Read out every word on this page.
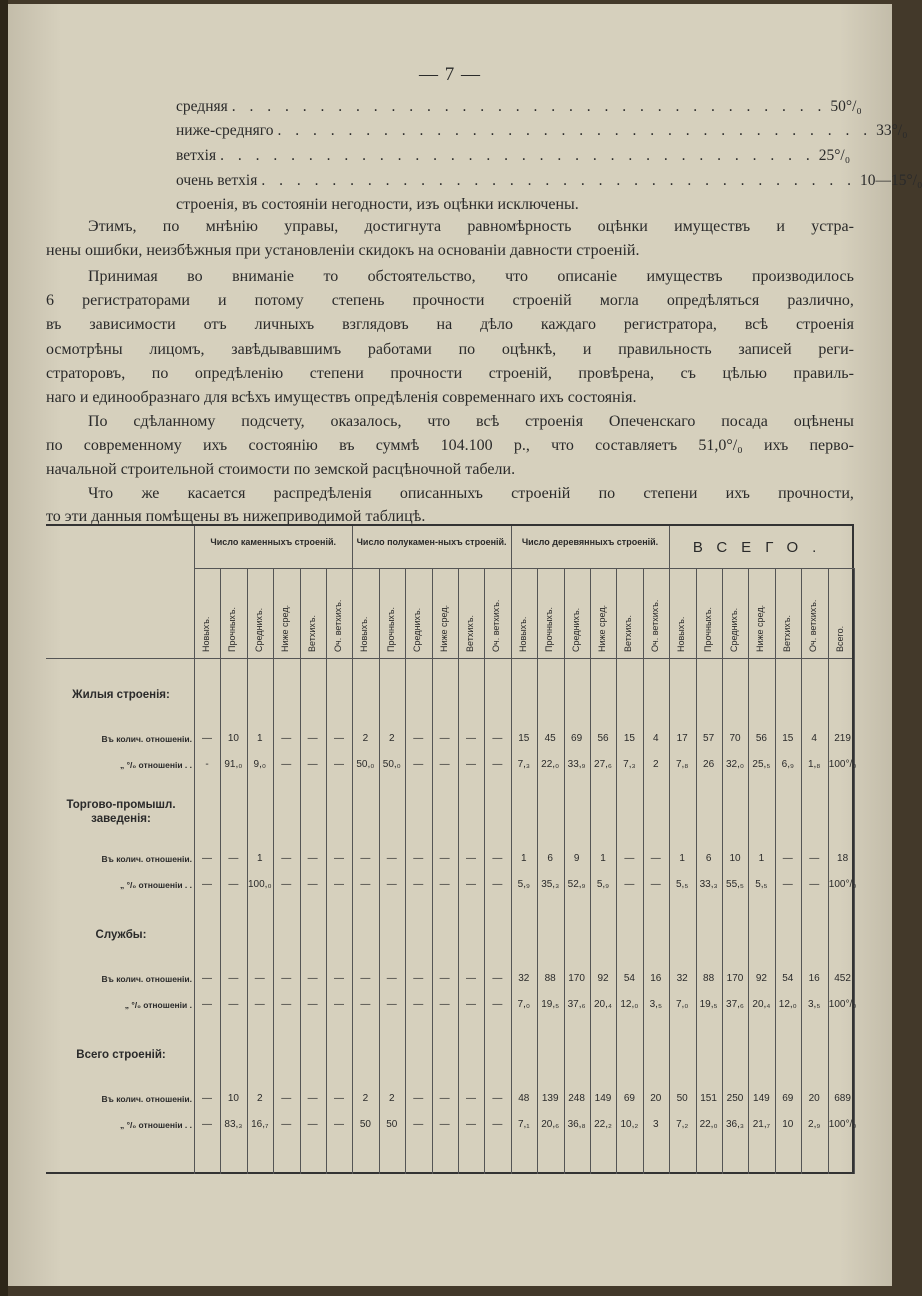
— 7 —
средняя . . . . . . . . . . . . . . . . . . . . . . . . . . . . . . . . . . 50°/₀
ниже-средняго . . . . . . . . . . . . . . . . . . . . . . . . . . . . . . . . . . 33°/₀
ветхія . . . . . . . . . . . . . . . . . . . . . . . . . . . . . . . . . . 25°/₀
очень ветхія . . . . . . . . . . . . . . . . . . . . . . . . . . . . . . . . . . 10—15°/₀
строенія, въ состояніи негодности, изъ оцѣнки исключены.
Этимъ, по мнѣнію управы, достигнута равномѣрность оцѣнки имуществъ и устра-
нены ошибки, неизбѣжныя при установленіи скидокъ на основаніи давности строеній.
Принимая во вниманіе то обстоятельство, что описаніе имуществъ производилось
6 регистраторами и потому степень прочности строеній могла опредѣляться различно,
въ зависимости отъ личныхъ взглядовъ на дѣло каждаго регистратора, всѣ строенія
осмотрѣны лицомъ, завѣдывавшимъ работами по оцѣнкѣ, и правильность записей реги-
страторовъ, по опредѣленію степени прочности строеній, провѣрена, съ цѣлью правиль-
наго и единообразнаго для всѣхъ имуществъ опредѣленія современнаго ихъ состоянія.
По сдѣланному подсчету, оказалось, что всѣ строенія Опеченскаго посада оцѣнены
по современному ихъ состоянію въ суммѣ 104.100 р., что составляетъ 51,0°/₀ ихъ перво-
начальной строительной стоимости по земской расцѣночной табели.
Что же касается распредѣленія описанныхъ строеній по степени ихъ прочности,
то эти данныя помѣщены въ нижеприводимой таблицѣ.
Число каменныхъ строеній.	Число полукамен-ныхъ строеній.	Число деревянныхъ строеній.	ВСЕГО.
Новыхъ. Прочныхъ. Среднихъ. Ниже сред. Ветхихъ. Оч. ветхихъ. Новыхъ. Прочныхъ. Среднихъ. Ниже сред. Ветхихъ. Оч. ветхихъ. Новыхъ. Прочныхъ. Среднихъ. Ниже сред. Ветхихъ. Оч. ветхихъ. Новыхъ. Прочныхъ. Среднихъ. Ниже сред. Ветхихъ. Оч. ветхихъ. Всего.
Жилыя строенія:
Въ колич. отношеніи.	—	10	1	—	—	—	2	2	—	—	—	—	15	45	69	56	15	4	17	57	70	56	15	4	219
„ °/₀ отношеніи . .	-	91,₀	9,₀	—	—	—	50,₀ 50,₀	—	—	—	—	7,₃	22,₀ 33,₉ 27,₆	7,₃	2	7,₈	26	32,₀ 25,₅	6,₉	1,₈ 100°/₀
Торгово-промышл. заведенія:
Въ колич. отношеніи.	—	—	1	—	—	—	—	—	—	—	—	—	1	6	9	1	—	—	1	6	10	1	—	—	18
„ °/₀ отношеніи . .	—	— 100,₀ —	—	—	—	—	—	—	—	—	5,₉	35,₃ 52,₉	5,₉	—	—	5,₅	33,₃ 55,₅	5,₅	—	— 100°/₀
Службы:
Въ колич. отношеніи.	—	—	—	—	—	—	—	—	—	—	—	—	32	88	170	92	54	16	32	88	170	92	54	16	452
„ °/₀ отношеніи .	—	—	—	—	—	—	—	—	—	—	—	—	7,₀	19,₅ 37,₆ 20,₄ 12,₀	3,₅	7,₀	19,₅ 37,₆ 20,₄ 12,₀	3,₅ 100°/₀
Всего строеній:
Въ колич. отношеніи.	—	10	2	—	—	—	2	2	—	—	—	—	48	139 248 149	69	20	50	151 250 149	69	20	689
„ °/₀ отношеніи . .	—	83,₃ 16,₇	—	—	—	50	50	—	—	—	—	7,₁	20,₆ 36,₈ 22,₂ 10,₂	3	7,₂	22,₀ 36,₃ 21,₇	10	2,₉ 100°/₀
